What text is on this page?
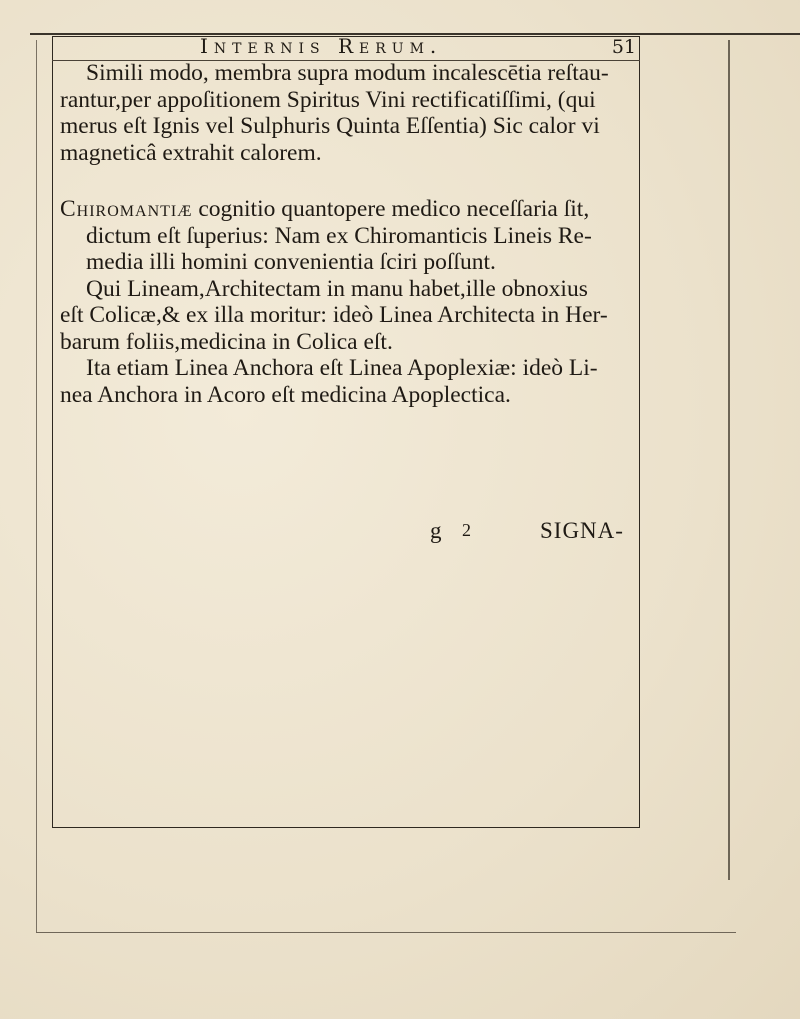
Internis Rerum.	51
Simili modo, membra supra modum incalescētia reſtau-
rantur,per appoſitionem Spiritus Vini rectificatiſſimi, (qui
merus eſt Ignis vel Sulphuris Quinta Eſſentia) Sic calor vi
magneticâ extrahit calorem.
Chiromantiæ cognitio quantopere medico neceſſaria ſit,
dictum eſt ſuperius: Nam ex Chiromanticis Lineis Re-
media illi homini convenientia ſciri poſſunt.
Qui Lineam,Architectam in manu habet,ille obnoxius
eſt Colicæ,& ex illa moritur: ideò Linea Architecta in Her-
barum foliis,medicina in Colica eſt.
Ita etiam Linea Anchora eſt Linea Apoplexiæ: ideò Li-
nea Anchora in Acoro eſt medicina Apoplectica.
g 2	SIGNA-
